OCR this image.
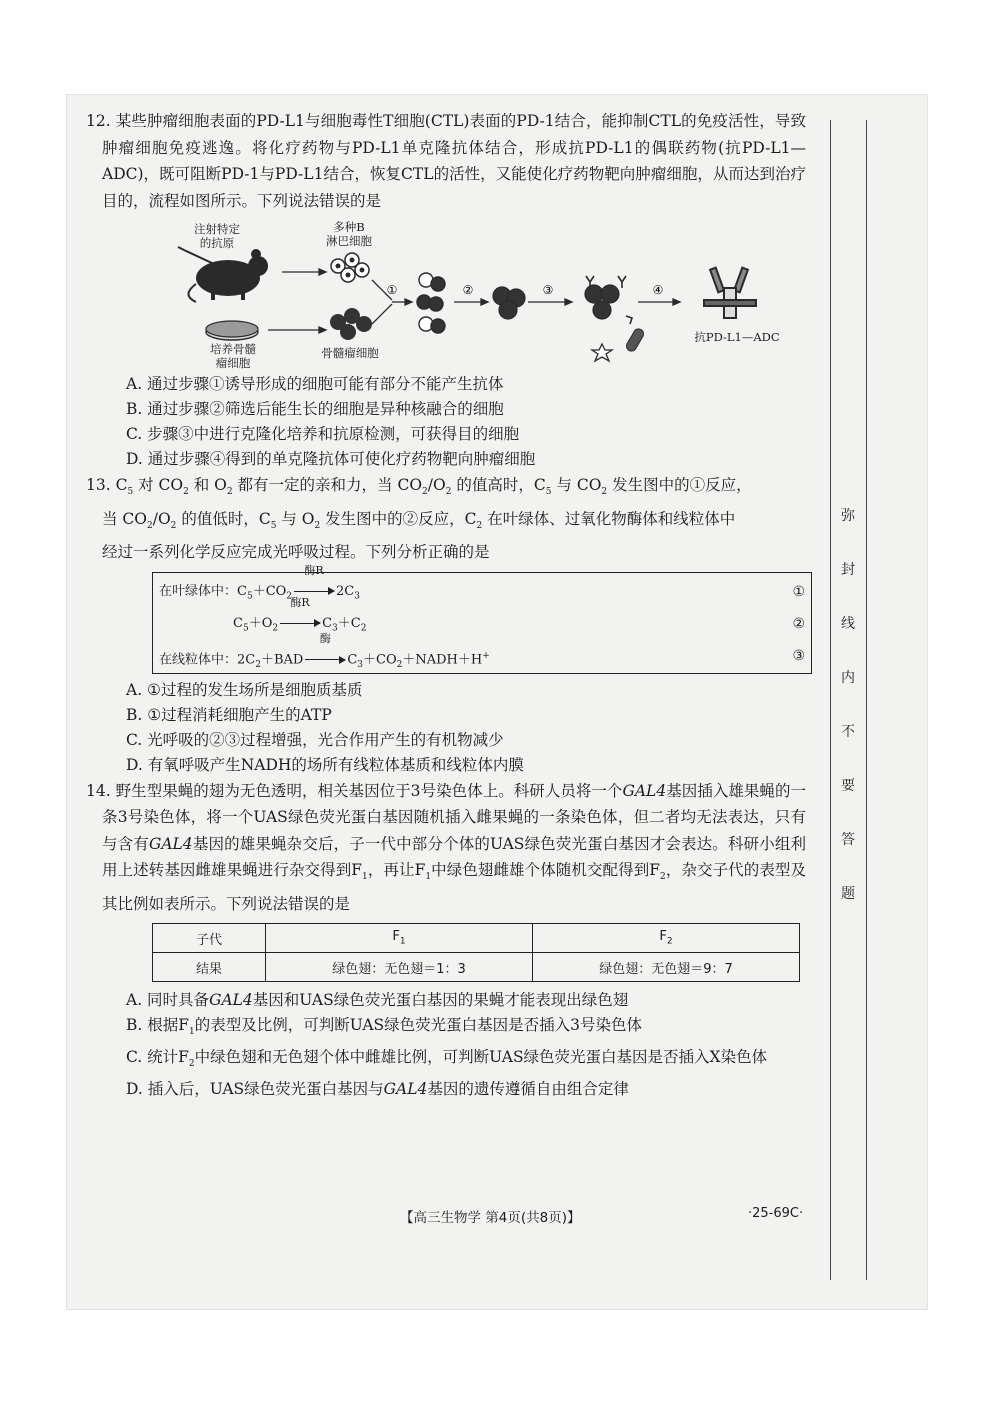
弥
封
线
内
不
要
答
题

12. 某些肿瘤细胞表面的PD-L1与细胞毒性T细胞(CTL)表面的PD-1结合，能抑制CTL的免疫活性，导致肿瘤细胞免疫逃逸。将化疗药物与PD-L1单克隆抗体结合，形成抗PD-L1的偶联药物(抗PD-L1—ADC)，既可阻断PD-1与PD-L1结合，恢复CTL的活性，又能使化疗药物靶向肿瘤细胞，从而达到治疗目的，流程如图所示。下列说法错误的是

①	②	③	④
注射特定
的抗原
多种B
淋巴细胞
培养骨髓
瘤细胞
骨髓瘤细胞
抗PD-L1—ADC

A. 通过步骤①诱导形成的细胞可能有部分不能产生抗体

B. 通过步骤②筛选后能生长的细胞是异种核融合的细胞

C. 步骤③中进行克隆化培养和抗原检测，可获得目的细胞

D. 通过步骤④得到的单克隆抗体可使化疗药物靶向肿瘤细胞

13. $C_5$ 对 $CO_2$ 和 $O_2$ 都有一定的亲和力，当 $CO_2/O_2$ 的值高时，$C_5$ 与 $CO_2$ 发生图中的①反应，

当 $CO_2/O_2$ 的值低时，$C_5$ 与 $O_2$ 发生图中的②反应，$C_2$ 在叶绿体、过氧化物酶体和线粒体中

经过一系列化学反应完成光呼吸过程。下列分析正确的是

在叶绿体中：$C_5+CO_2$
酶R
$2C_3$	①
$C_5+O_2$
酶R
$C_3+C_2$	②
在线粒体中：$2C_2+BAD$
酶
$C_3+CO_2+NADH+H^+$	③

A. ①过程的发生场所是细胞质基质

B. ①过程消耗细胞产生的ATP

C. 光呼吸的②③过程增强，光合作用产生的有机物减少

D. 有氧呼吸产生NADH的场所有线粒体基质和线粒体内膜

14. 野生型果蝇的翅为无色透明，相关基因位于3号染色体上。科研人员将一个GAL4基因插入雄果蝇的一条3号染色体，将一个UAS绿色荧光蛋白基因随机插入雌果蝇的一条染色体，但二者均无法表达，只有与含有GAL4基因的雄果蝇杂交后，子一代中部分个体的UAS绿色荧光蛋白基因才会表达。科研小组利用上述转基因雌雄果蝇进行杂交得到$F_1$，再让$F_1$中绿色翅雌雄个体随机交配得到$F_2$，杂交子代的表型及其比例如表所示。下列说法错误的是

子代	$F_1$	$F_2$
结果	绿色翅：无色翅＝1：3	绿色翅：无色翅＝9：7

A. 同时具备GAL4基因和UAS绿色荧光蛋白基因的果蝇才能表现出绿色翅

B. 根据$F_1$的表型及比例，可判断UAS绿色荧光蛋白基因是否插入3号染色体

C. 统计$F_2$中绿色翅和无色翅个体中雌雄比例，可判断UAS绿色荧光蛋白基因是否插入X染色体

D. 插入后，UAS绿色荧光蛋白基因与GAL4基因的遗传遵循自由组合定律

【高三生物学 第4页(共8页)】	·25-69C·
